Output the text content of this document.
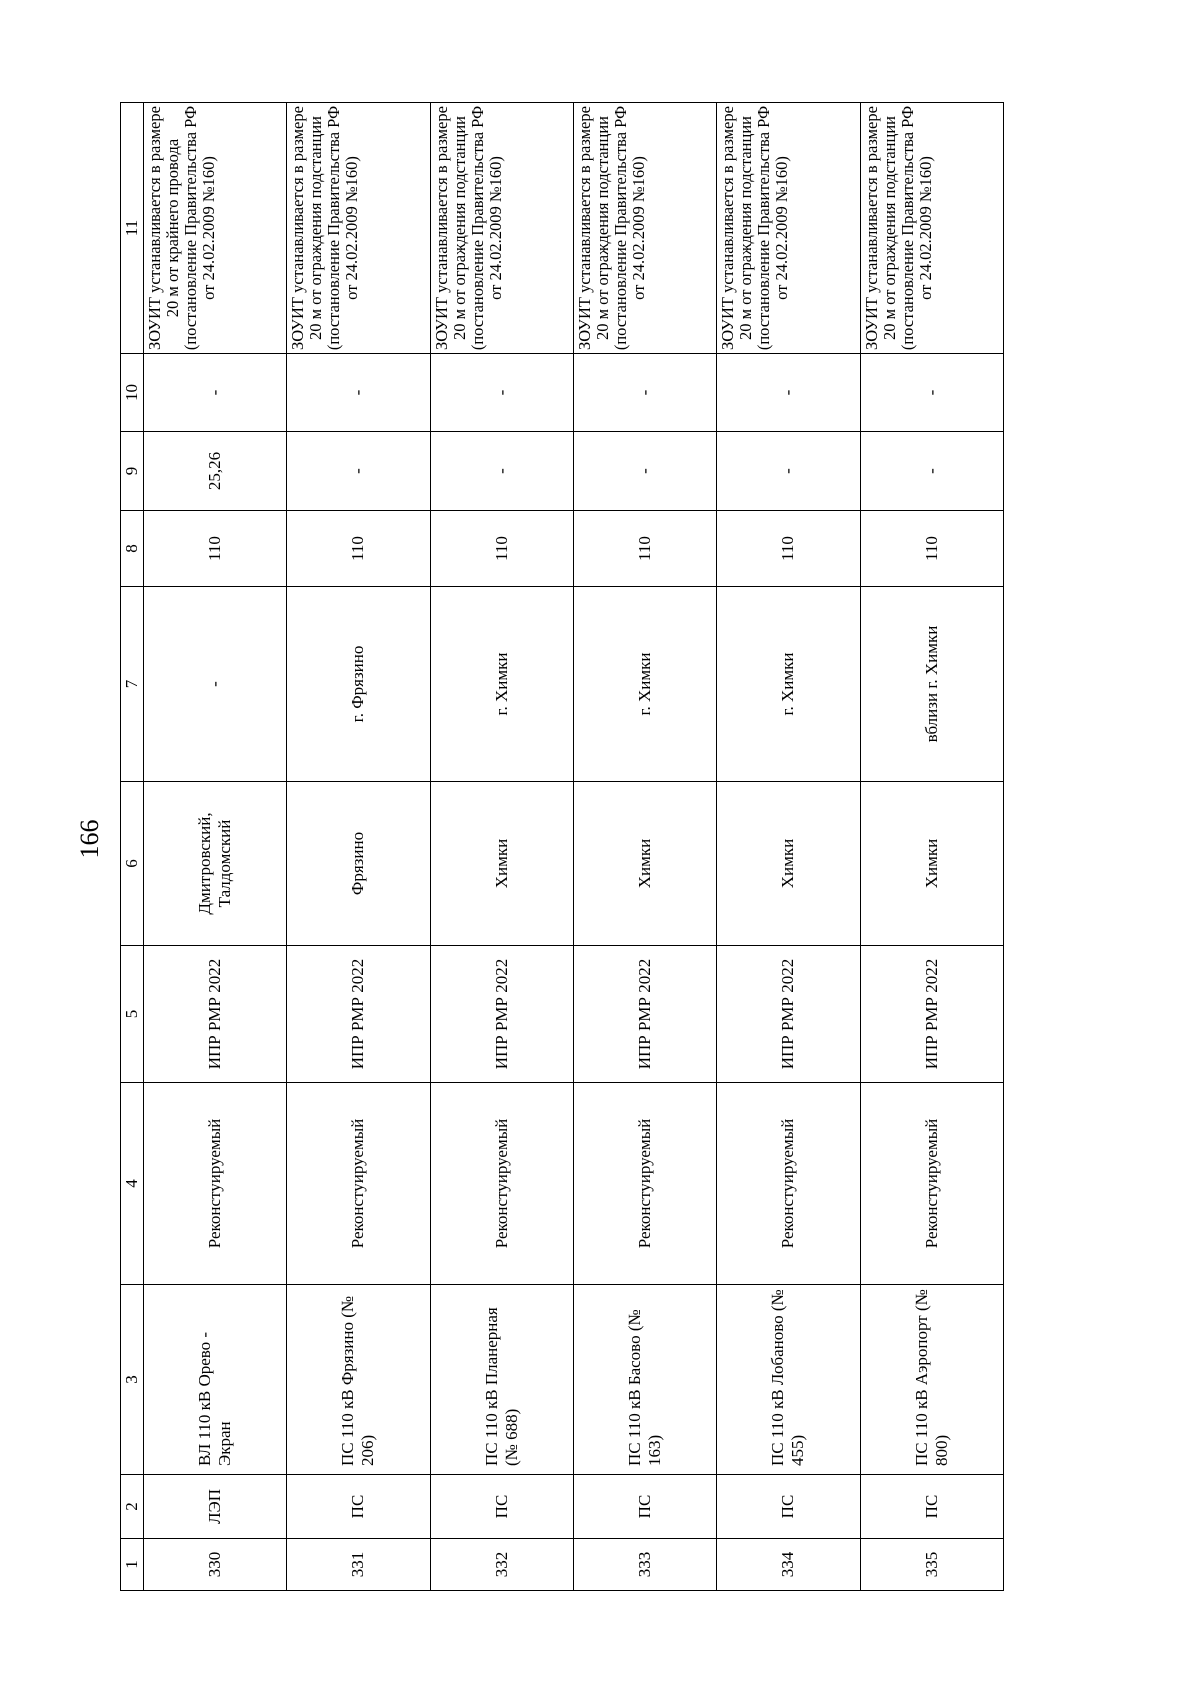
166
1	2	3	4	5	6	7	8	9	10	11
330	ЛЭП	ВЛ 110 кВ Орево - Экран	Реконстуируемый	ИПР РМР 2022	Дмитровский, Талдомский	-	110	25,26	-	ЗОУИТ устанавливается в размере 20 м от крайнего провода (постановление Правительства РФ от 24.02.2009 №160)
331	ПС	ПС 110 кВ Фрязино (№ 206)	Реконстуируемый	ИПР РМР 2022	Фрязино	г. Фрязино	110	-	-	ЗОУИТ устанавливается в размере 20 м от ограждения подстанции (постановление Правительства РФ от 24.02.2009 №160)
332	ПС	ПС 110 кВ Планерная (№ 688)	Реконстуируемый	ИПР РМР 2022	Химки	г. Химки	110	-	-	ЗОУИТ устанавливается в размере 20 м от ограждения подстанции (постановление Правительства РФ от 24.02.2009 №160)
333	ПС	ПС 110 кВ Басово (№ 163)	Реконстуируемый	ИПР РМР 2022	Химки	г. Химки	110	-	-	ЗОУИТ устанавливается в размере 20 м от ограждения подстанции (постановление Правительства РФ от 24.02.2009 №160)
334	ПС	ПС 110 кВ Лобаново (№ 455)	Реконстуируемый	ИПР РМР 2022	Химки	г. Химки	110	-	-	ЗОУИТ устанавливается в размере 20 м от ограждения подстанции (постановление Правительства РФ от 24.02.2009 №160)
335	ПС	ПС 110 кВ Аэропорт (№ 800)	Реконстуируемый	ИПР РМР 2022	Химки	вблизи г. Химки	110	-	-	ЗОУИТ устанавливается в размере 20 м от ограждения подстанции (постановление Правительства РФ от 24.02.2009 №160)
